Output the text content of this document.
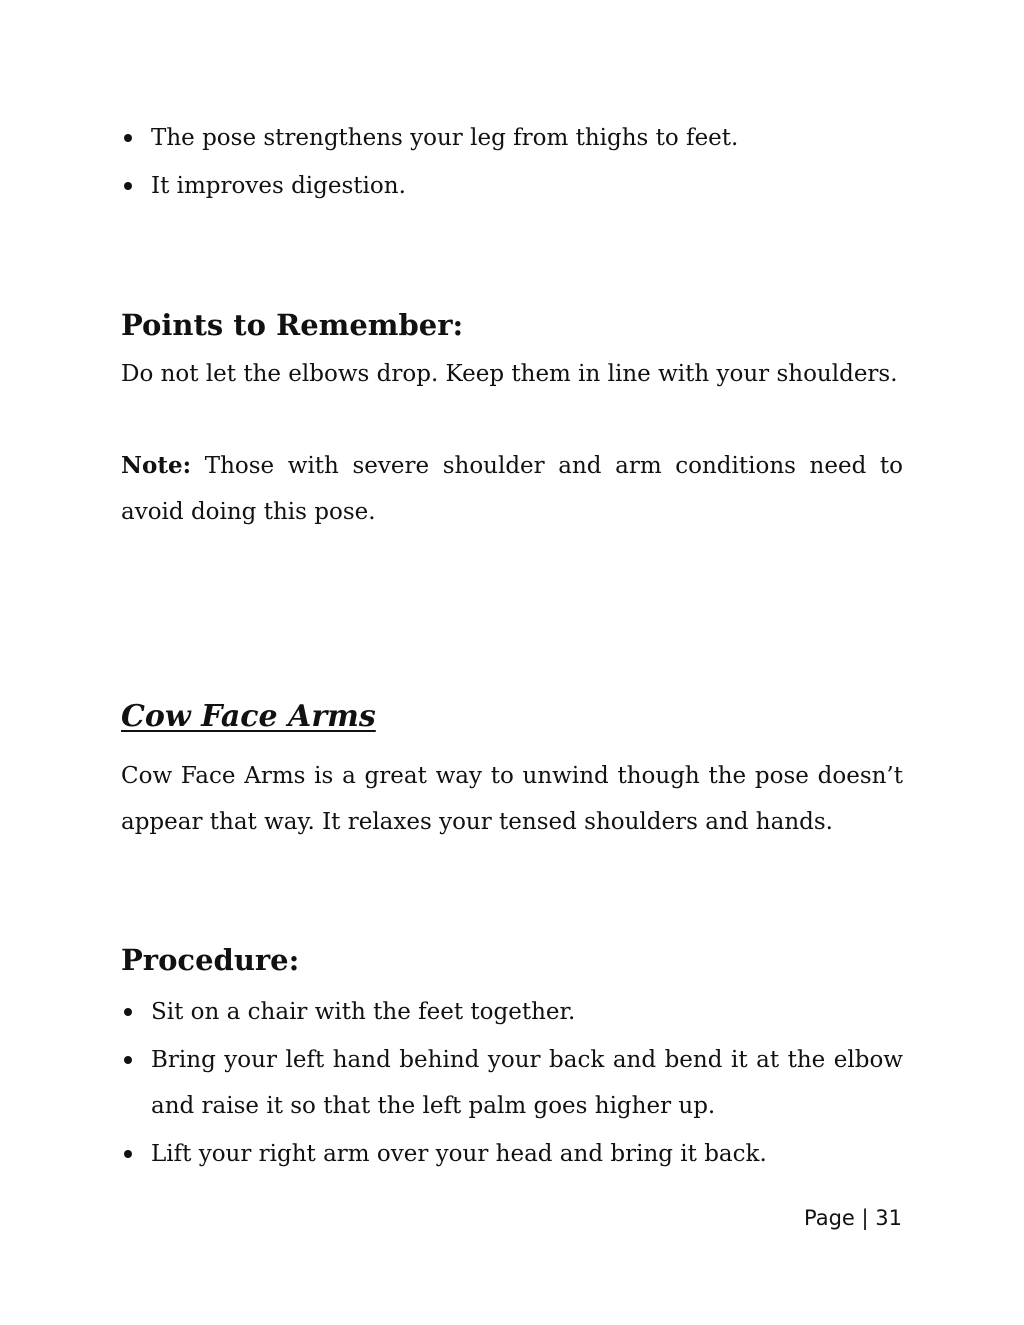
The pose strengthens your leg from thighs to feet.
It improves digestion.
Points to Remember:

Do not let the elbows drop. Keep them in line with your shoulders.

Note: Those with severe shoulder and arm conditions need to avoid doing this pose.

Cow Face Arms

Cow Face Arms is a great way to unwind though the pose doesn’t appear that way. It relaxes your tensed shoulders and hands.

Procedure:
Sit on a chair with the feet together.
Bring your left hand behind your back and bend it at the elbow and raise it so that the left palm goes higher up.
Lift your right arm over your head and bring it back.
Page | 31
